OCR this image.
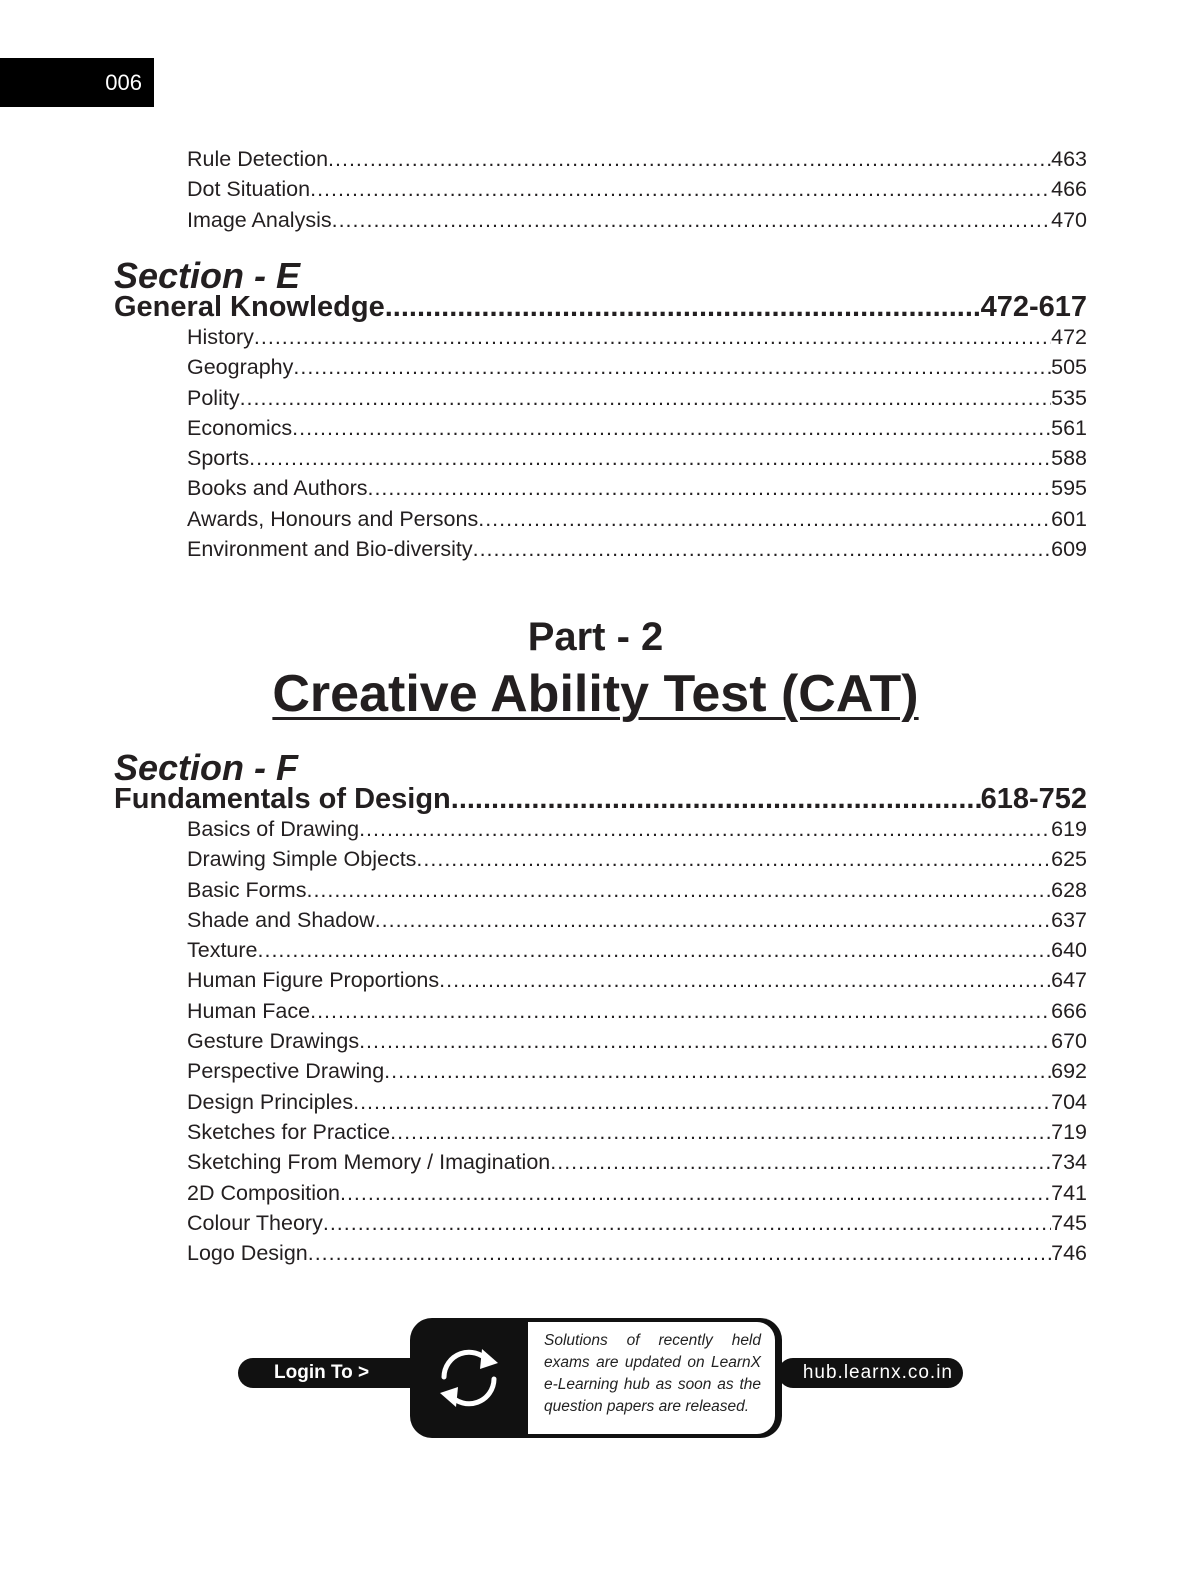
006
Rule Detection .....	463
Dot Situation .....	466
Image Analysis .....	470
Section - E
General Knowledge .....	472-617
History .....	472
Geography .....	505
Polity .....	535
Economics .....	561
Sports .....	588
Books and Authors .....	595
Awards, Honours and Persons .....	601
Environment and Bio-diversity .....	609
Part - 2
Creative Ability Test (CAT)
Section - F
Fundamentals of Design .....	618-752
Basics of Drawing .....	619
Drawing Simple Objects .....	625
Basic Forms .....	628
Shade and Shadow .....	637
Texture .....	640
Human Figure Proportions .....	647
Human Face .....	666
Gesture Drawings .....	670
Perspective Drawing .....	692
Design Principles .....	704
Sketches for Practice .....	719
Sketching From Memory / Imagination .....	734
2D Composition .....	741
Colour Theory .....	745
Logo Design .....	746
Login To >	hub.learnx.co.in
Solutions of recently held exams are updated on LearnX e-Learning hub as soon as the question papers are released.
